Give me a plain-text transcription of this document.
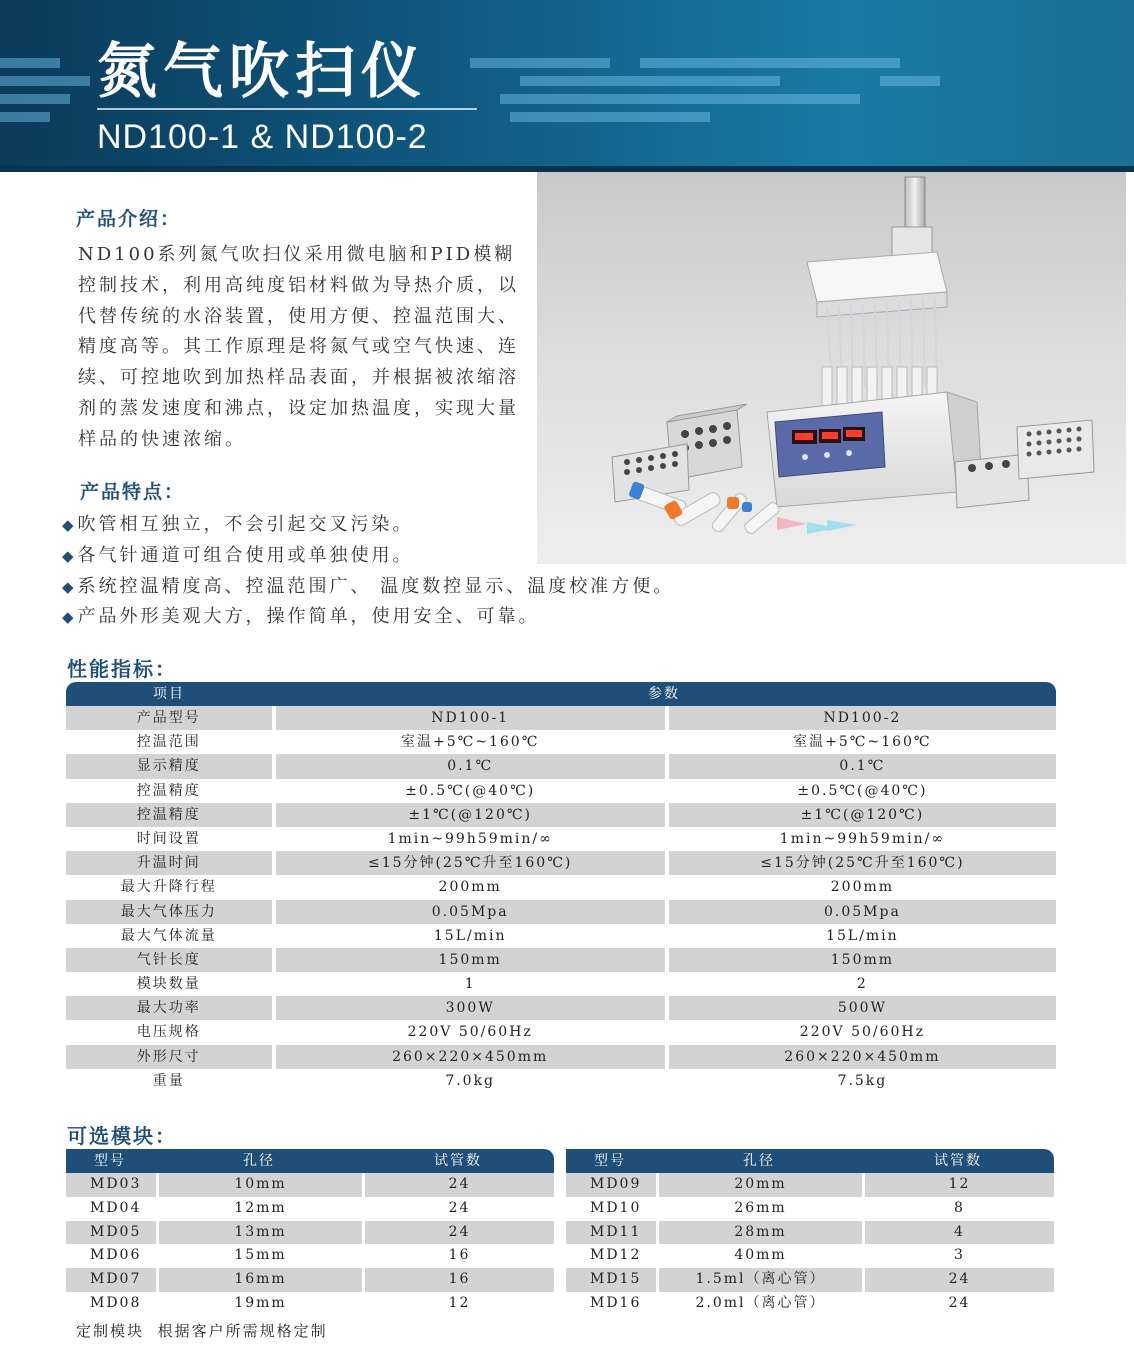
氮气吹扫仪
ND100-1 & ND100-2
产品介绍：
ND100系列氮气吹扫仪采用微电脑和PID模糊控制技术，利用高纯度铝材料做为导热介质，以代替传统的水浴装置，使用方便、控温范围大、精度高等。其工作原理是将氮气或空气快速、连续、可控地吹到加热样品表面，并根据被浓缩溶剂的蒸发速度和沸点，设定加热温度，实现大量样品的快速浓缩。
产品特点：
◆ 吹管相互独立，不会引起交叉污染。
◆ 各气针通道可组合使用或单独使用。
◆ 系统控温精度高、控温范围广、 温度数控显示、温度校准方便。
◆ 产品外形美观大方，操作简单，使用安全、可靠。
性能指标：
项目	参数
产品型号	ND100-1	ND100-2
控温范围	室温+5℃~160℃	室温+5℃~160℃
显示精度	0.1℃	0.1℃
控温精度	±0.5℃(@40℃)	±0.5℃(@40℃)
控温精度	±1℃(@120℃)	±1℃(@120℃)
时间设置	1min~99h59min/∞	1min~99h59min/∞
升温时间	≤15分钟(25℃升至160℃)	≤15分钟(25℃升至160℃)
最大升降行程	200mm	200mm
最大气体压力	0.05Mpa	0.05Mpa
最大气体流量	15L/min	15L/min
气针长度	150mm	150mm
模块数量	1	2
最大功率	300W	500W
电压规格	220V 50/60Hz	220V 50/60Hz
外形尺寸	260×220×450mm	260×220×450mm
重量	7.0kg	7.5kg
可选模块：
型号	孔径	试管数
MD03	10mm	24
MD04	12mm	24
MD05	13mm	24
MD06	15mm	16
MD07	16mm	16
MD08	19mm	12
型号	孔径	试管数
MD09	20mm	12
MD10	26mm	8
MD11	28mm	4
MD12	40mm	3
MD15	1.5ml（离心管）	24
MD16	2.0ml（离心管）	24
定制模块 根据客户所需规格定制
